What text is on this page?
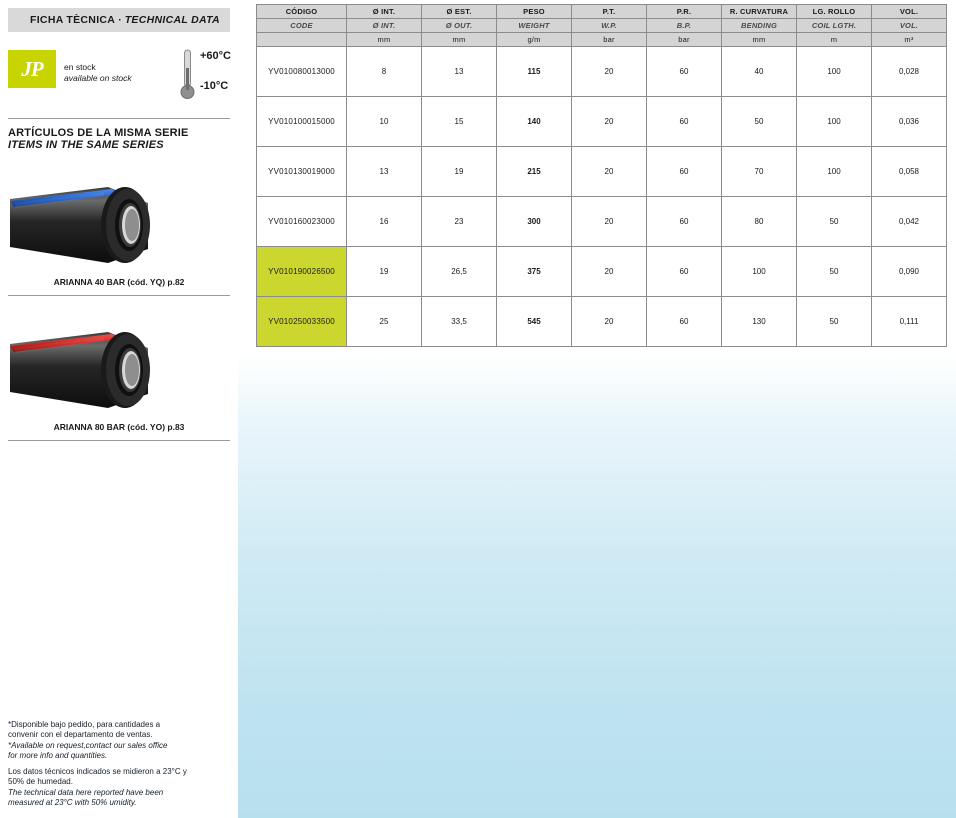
FICHA TÈCNICA · TECHNICAL DATA
JP	en stock
available on stock
+60°C
-10°C
ARTÍCULOS DE LA MISMA SERIE
ITEMS IN THE SAME SERIES
ARIANNA 40 BAR (cód. YQ) p.82
ARIANNA 80 BAR (cód. YO) p.83
*Disponible bajo pedido, para cantidades a
convenir con el departamento de ventas.
*Available on request,contact our sales office
for more info and quantities.
Los datos técnicos indicados se midieron a 23°C y
50% de humedad.
The technical data here reported have been
measured at 23°C with 50% umidity.
CÓDIGO	Ø INT.	Ø EST.	PESO	P.T.	P.R.	R. CURVATURA	LG. ROLLO	VOL.
CODE	Ø INT.	Ø OUT.	WEIGHT	W.P.	B.P.	BENDING	COIL LGTH.	VOL.
	mm	mm	g/m	bar	bar	mm	m	m³
YV010080013000	8	13	115	20	60	40	100	0,028
YV010100015000	10	15	140	20	60	50	100	0,036
YV010130019000	13	19	215	20	60	70	100	0,058
YV010160023000	16	23	300	20	60	80	50	0,042
YV010190026500	19	26,5	375	20	60	100	50	0,090
YV010250033500	25	33,5	545	20	60	130	50	0,111
